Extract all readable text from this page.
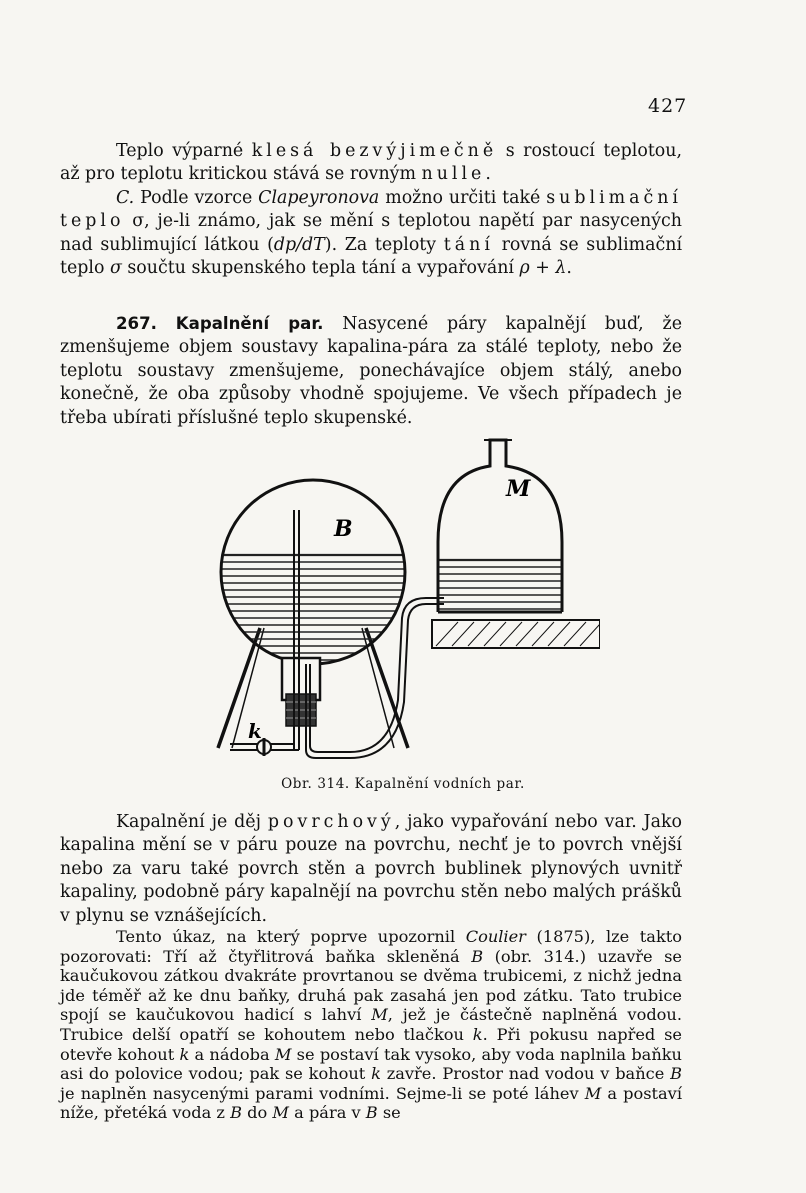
427

Teplo výparné klesá bezvýjimečně s rostoucí teplotou, až pro teplotu kritickou stává se rovným nulle.

C. Podle vzorce Clapeyronova možno určiti také sublimační teplo σ, je-li známo, jak se mění s teplotou napětí par nasycených nad sublimující látkou (dp/dT). Za teploty tání rovná se sublimační teplo σ součtu skupenského tepla tání a vypařování ρ + λ.

267. Kapalnění par. Nasycené páry kapalnějí buď, že zmenšujeme objem soustavy kapalina-pára za stálé teploty, nebo že teplotu soustavy zmenšujeme, ponechávajíce objem stálý, anebo konečně, že oba způsoby vhodně spojujeme. Ve všech případech je třeba ubírati příslušné teplo skupenské.

B
M
k
Obr. 314. Kapalnění vodních par.

Kapalnění je děj povrchový, jako vypařování nebo var. Jako kapalina mění se v páru pouze na povrchu, nechť je to povrch vnější nebo za varu také povrch stěn a povrch bublinek plynových uvnitř kapaliny, podobně páry kapalnějí na povrchu stěn nebo malých prášků v plynu se vznášejících.

Tento úkaz, na který poprve upozornil Coulier (1875), lze takto pozorovati: Tří až čtyřlitrová baňka skleněná B (obr. 314.) uzavře se kaučukovou zátkou dvakráte provrtanou se dvěma trubicemi, z nichž jedna jde téměř až ke dnu baňky, druhá pak zasahá jen pod zátku. Tato trubice spojí se kaučukovou hadicí s lahví M, jež je částečně naplněná vodou. Trubice delší opatří se kohoutem nebo tlačkou k. Při pokusu napřed se otevře kohout k a nádoba M se postaví tak vysoko, aby voda naplnila baňku asi do polovice vodou; pak se kohout k zavře. Prostor nad vodou v baňce B je naplněn nasycenými parami vodními. Sejme-li se poté láhev M a postaví níže, přetéká voda z B do M a pára v B se
